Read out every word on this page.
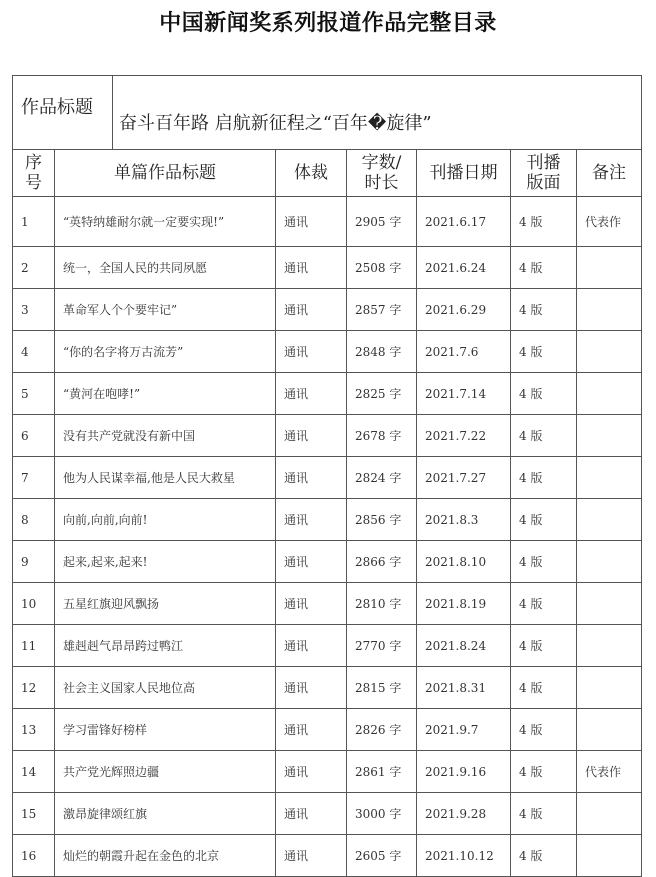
中国新闻奖系列报道作品完整目录
作品标题		奋斗百年路 启航新征程之“百年�旋律”					
序号	单篇作品标题		体裁	字数/时长	刊播日期	刊播版面	备注
1	“英特纳雄耐尔就一定要实现!”		通讯	2905 字	2021.6.17	4 版	代表作
2	统一，全国人民的共同夙愿		通讯	2508 字	2021.6.24	4 版	
3	革命军人个个要牢记”		通讯	2857 字	2021.6.29	4 版	
4	“你的名字将万古流芳”		通讯	2848 字	2021.7.6	4 版	
5	“黄河在咆哮!”		通讯	2825 字	2021.7.14	4 版	
6	没有共产党就没有新中国		通讯	2678 字	2021.7.22	4 版	
7	他为人民谋幸福,他是人民大救星		通讯	2824 字	2021.7.27	4 版	
8	向前,向前,向前!		通讯	2856 字	2021.8.3	4 版	
9	起来,起来,起来!		通讯	2866 字	2021.8.10	4 版	
10	五星红旗迎风飘扬		通讯	2810 字	2021.8.19	4 版	
11	雄赳赳气昂昂跨过鸭江		通讯	2770 字	2021.8.24	4 版	
12	社会主义国家人民地位高		通讯	2815 字	2021.8.31	4 版	
13	学习雷锋好榜样		通讯	2826 字	2021.9.7	4 版	
14	共产党光辉照边疆		通讯	2861 字	2021.9.16	4 版	代表作
15	激昂旋律颂红旗		通讯	3000 字	2021.9.28	4 版	
16	灿烂的朝霞升起在金色的北京		通讯	2605 字	2021.10.12	4 版	
